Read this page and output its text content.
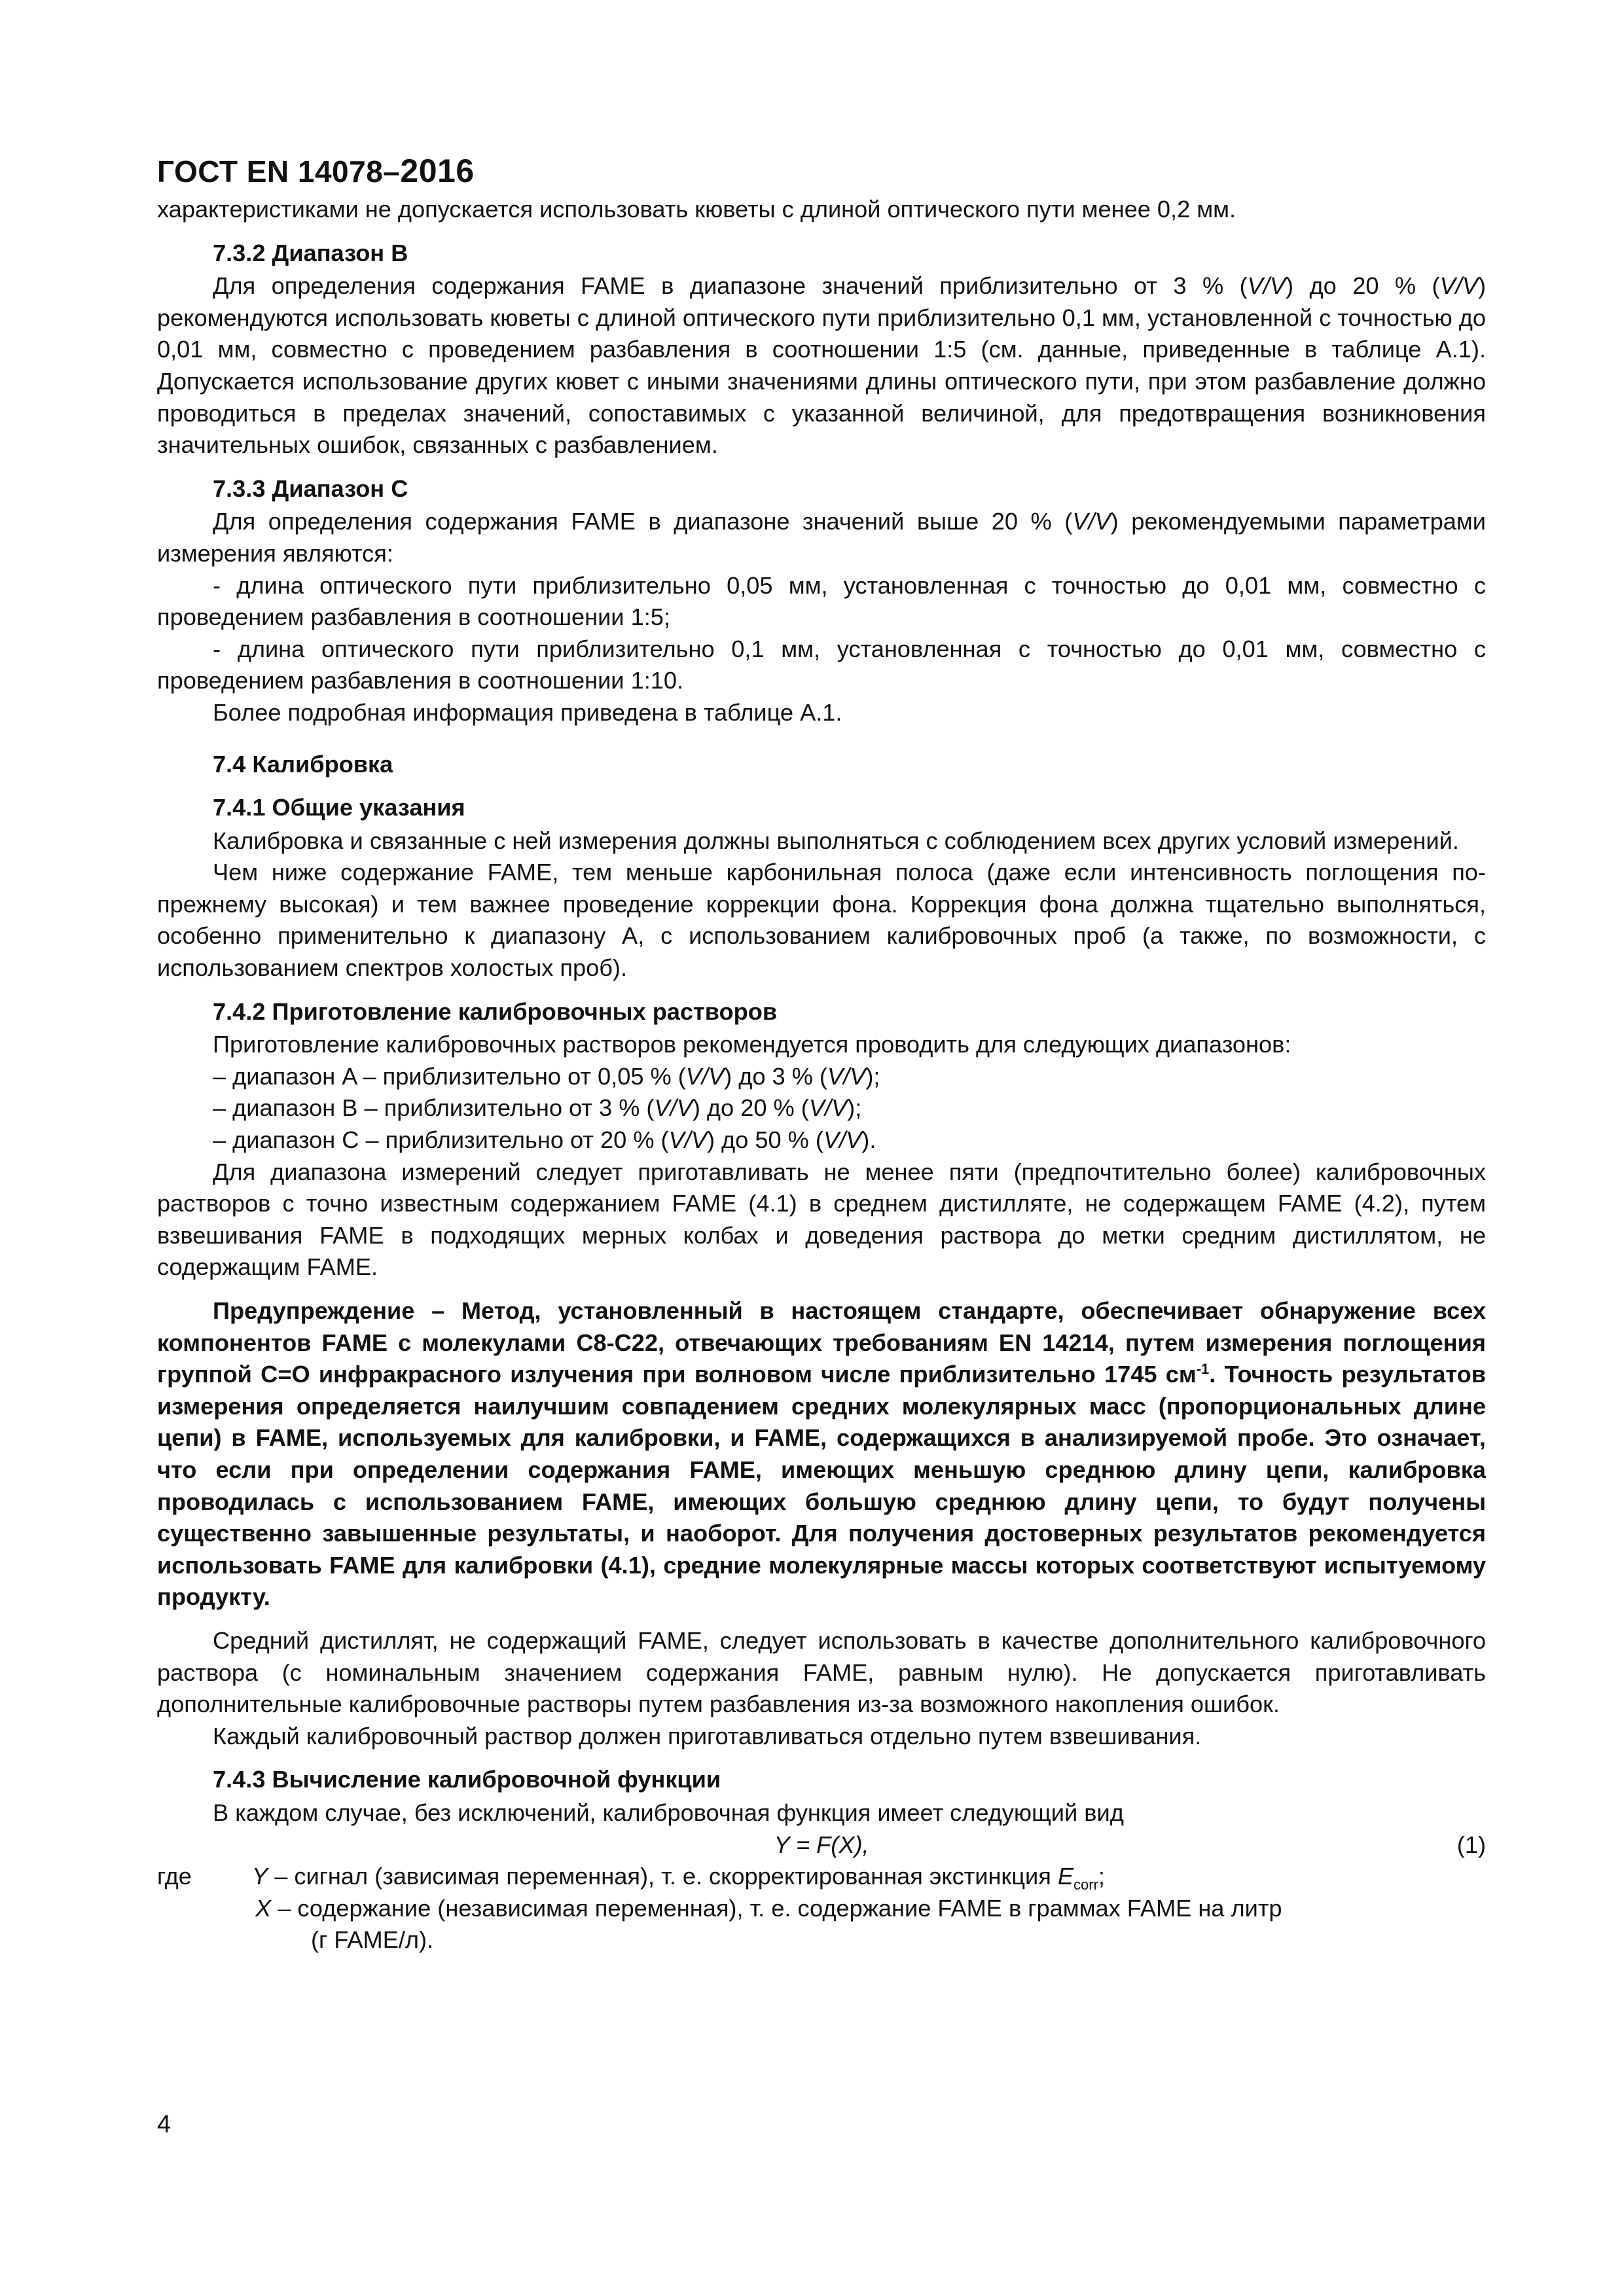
ГОСТ EN 14078–2016

характеристиками не допускается использовать кюветы с длиной оптического пути менее 0,2 мм.

7.3.2 Диапазон B

Для определения содержания FAME в диапазоне значений приблизительно от 3 % (V/V) до 20 % (V/V) рекомендуются использовать кюветы с длиной оптического пути приблизительно 0,1 мм, установленной с точностью до 0,01 мм, совместно с проведением разбавления в соотношении 1:5 (см. данные, приведенные в таблице A.1). Допускается использование других кювет с иными значениями длины оптического пути, при этом разбавление должно проводиться в пределах значений, сопоставимых с указанной величиной, для предотвращения возникновения значительных ошибок, связанных с разбавлением.

7.3.3 Диапазон C

Для определения содержания FAME в диапазоне значений выше 20 % (V/V) рекомендуемыми параметрами измерения являются:

- длина оптического пути приблизительно 0,05 мм, установленная с точностью до 0,01 мм, совместно с проведением разбавления в соотношении 1:5;

- длина оптического пути приблизительно 0,1 мм, установленная с точностью до 0,01 мм, совместно с проведением разбавления в соотношении 1:10.

Более подробная информация приведена в таблице A.1.

7.4 Калибровка
7.4.1 Общие указания

Калибровка и связанные с ней измерения должны выполняться с соблюдением всех других условий измерений.

Чем ниже содержание FAME, тем меньше карбонильная полоса (даже если интенсивность поглощения по-прежнему высокая) и тем важнее проведение коррекции фона. Коррекция фона должна тщательно выполняться, особенно применительно к диапазону A, с использованием калибровочных проб (а также, по возможности, с использованием спектров холостых проб).

7.4.2 Приготовление калибровочных растворов

Приготовление калибровочных растворов рекомендуется проводить для следующих диапазонов:

– диапазон A – приблизительно от 0,05 % (V/V) до 3 % (V/V);

– диапазон B – приблизительно от 3 % (V/V) до 20 % (V/V);

– диапазон C – приблизительно от 20 % (V/V) до 50 % (V/V).

Для диапазона измерений следует приготавливать не менее пяти (предпочтительно более) калибровочных растворов с точно известным содержанием FAME (4.1) в среднем дистилляте, не содержащем FAME (4.2), путем взвешивания FAME в подходящих мерных колбах и доведения раствора до метки средним дистиллятом, не содержащим FAME.

Предупреждение – Метод, установленный в настоящем стандарте, обеспечивает обнаружение всех компонентов FAME с молекулами C8-C22, отвечающих требованиям EN 14214, путем измерения поглощения группой C=O инфракрасного излучения при волновом числе приблизительно 1745 $см^{-1}$. Точность результатов измерения определяется наилучшим совпадением средних молекулярных масс (пропорциональных длине цепи) в FAME, используемых для калибровки, и FAME, содержащихся в анализируемой пробе. Это означает, что если при определении содержания FAME, имеющих меньшую среднюю длину цепи, калибровка проводилась с использованием FAME, имеющих большую среднюю длину цепи, то будут получены существенно завышенные результаты, и наоборот. Для получения достоверных результатов рекомендуется использовать FAME для калибровки (4.1), средние молекулярные массы которых соответствуют испытуемому продукту.

Средний дистиллят, не содержащий FAME, следует использовать в качестве дополнительного калибровочного раствора (с номинальным значением содержания FAME, равным нулю). Не допускается приготавливать дополнительные калибровочные растворы путем разбавления из-за возможного накопления ошибок.

Каждый калибровочный раствор должен приготавливаться отдельно путем взвешивания.

7.4.3 Вычисление калибровочной функции

В каждом случае, без исключений, калибровочная функция имеет следующий вид

Y = F(X),	(1)
где	Y – сигнал (зависимая переменная), т. е. скорректированная экстинкция $E_{corr}$;
X – содержание (независимая переменная), т. е. содержание FAME в граммах FAME на литр
(г FAME/л).
4
